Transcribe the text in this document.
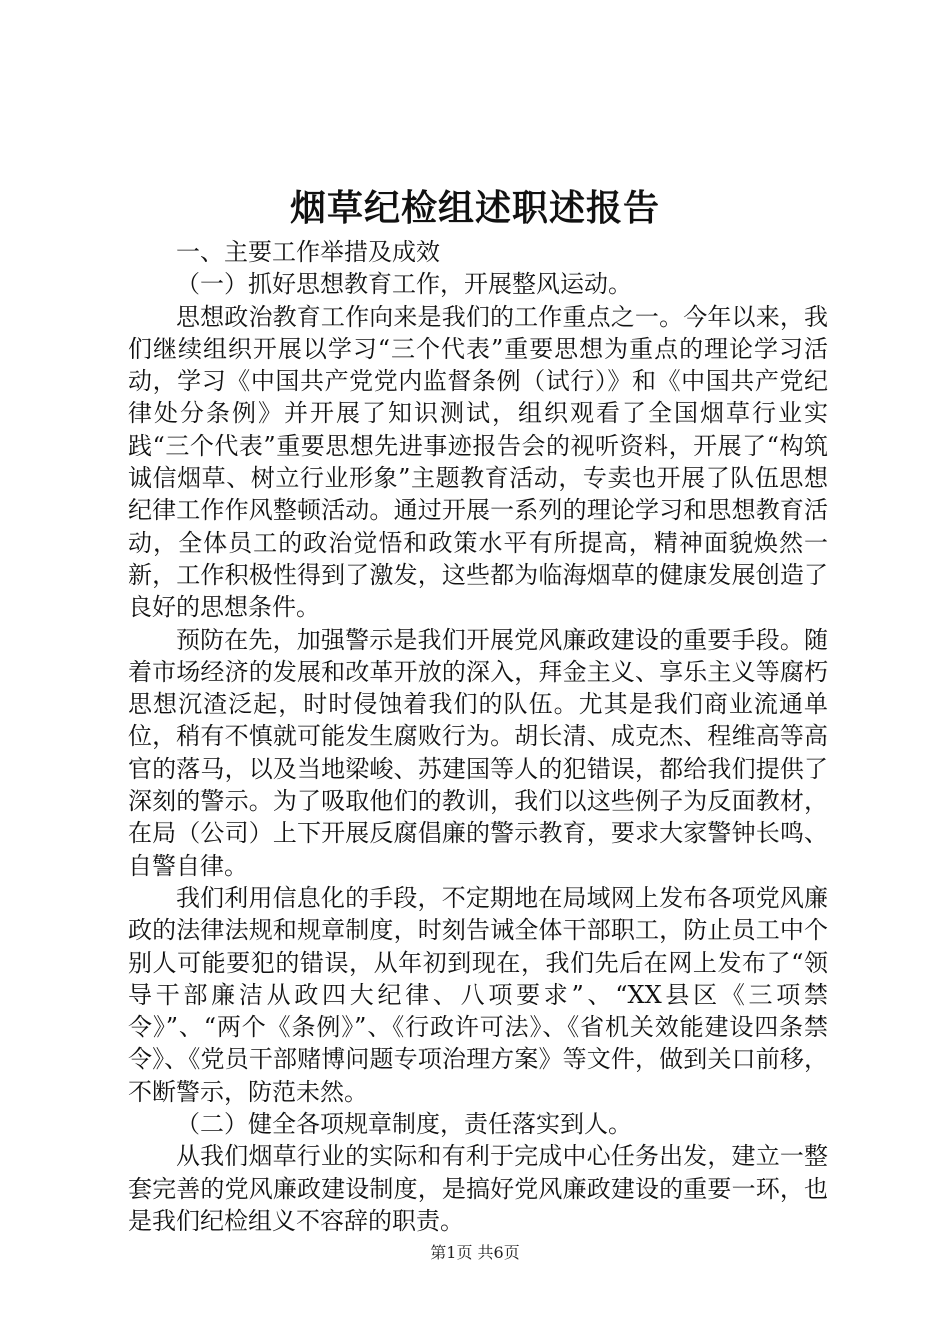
烟草纪检组述职述报告

一、主要工作举措及成效

（一）抓好思想教育工作，开展整风运动。

思想政治教育工作向来是我们的工作重点之一。今年以来，我们继续组织开展以学习“三个代表”重要思想为重点的理论学习活动，学习《中国共产党党内监督条例（试行）》和《中国共产党纪律处分条例》并开展了知识测试，组织观看了全国烟草行业实践“三个代表”重要思想先进事迹报告会的视听资料，开展了“构筑诚信烟草、树立行业形象”主题教育活动，专卖也开展了队伍思想纪律工作作风整顿活动。通过开展一系列的理论学习和思想教育活动，全体员工的政治觉悟和政策水平有所提高，精神面貌焕然一新，工作积极性得到了激发，这些都为临海烟草的健康发展创造了良好的思想条件。

预防在先，加强警示是我们开展党风廉政建设的重要手段。随着市场经济的发展和改革开放的深入，拜金主义、享乐主义等腐朽思想沉渣泛起，时时侵蚀着我们的队伍。尤其是我们商业流通单位，稍有不慎就可能发生腐败行为。胡长清、成克杰、程维高等高官的落马，以及当地梁峻、苏建国等人的犯错误，都给我们提供了深刻的警示。为了吸取他们的教训，我们以这些例子为反面教材，在局（公司）上下开展反腐倡廉的警示教育，要求大家警钟长鸣、自警自律。

我们利用信息化的手段，不定期地在局域网上发布各项党风廉政的法律法规和规章制度，时刻告诫全体干部职工，防止员工中个别人可能要犯的错误，从年初到现在，我们先后在网上发布了“领导干部廉洁从政四大纪律、八项要求”、“XX县区《三项禁令》”、“两个《条例》”、《行政许可法》、《省机关效能建设四条禁令》、《党员干部赌博问题专项治理方案》等文件，做到关口前移，不断警示，防范未然。

（二）健全各项规章制度，责任落实到人。

从我们烟草行业的实际和有利于完成中心任务出发，建立一整套完善的党风廉政建设制度，是搞好党风廉政建设的重要一环，也是我们纪检组义不容辞的职责。

第1页 共6页
